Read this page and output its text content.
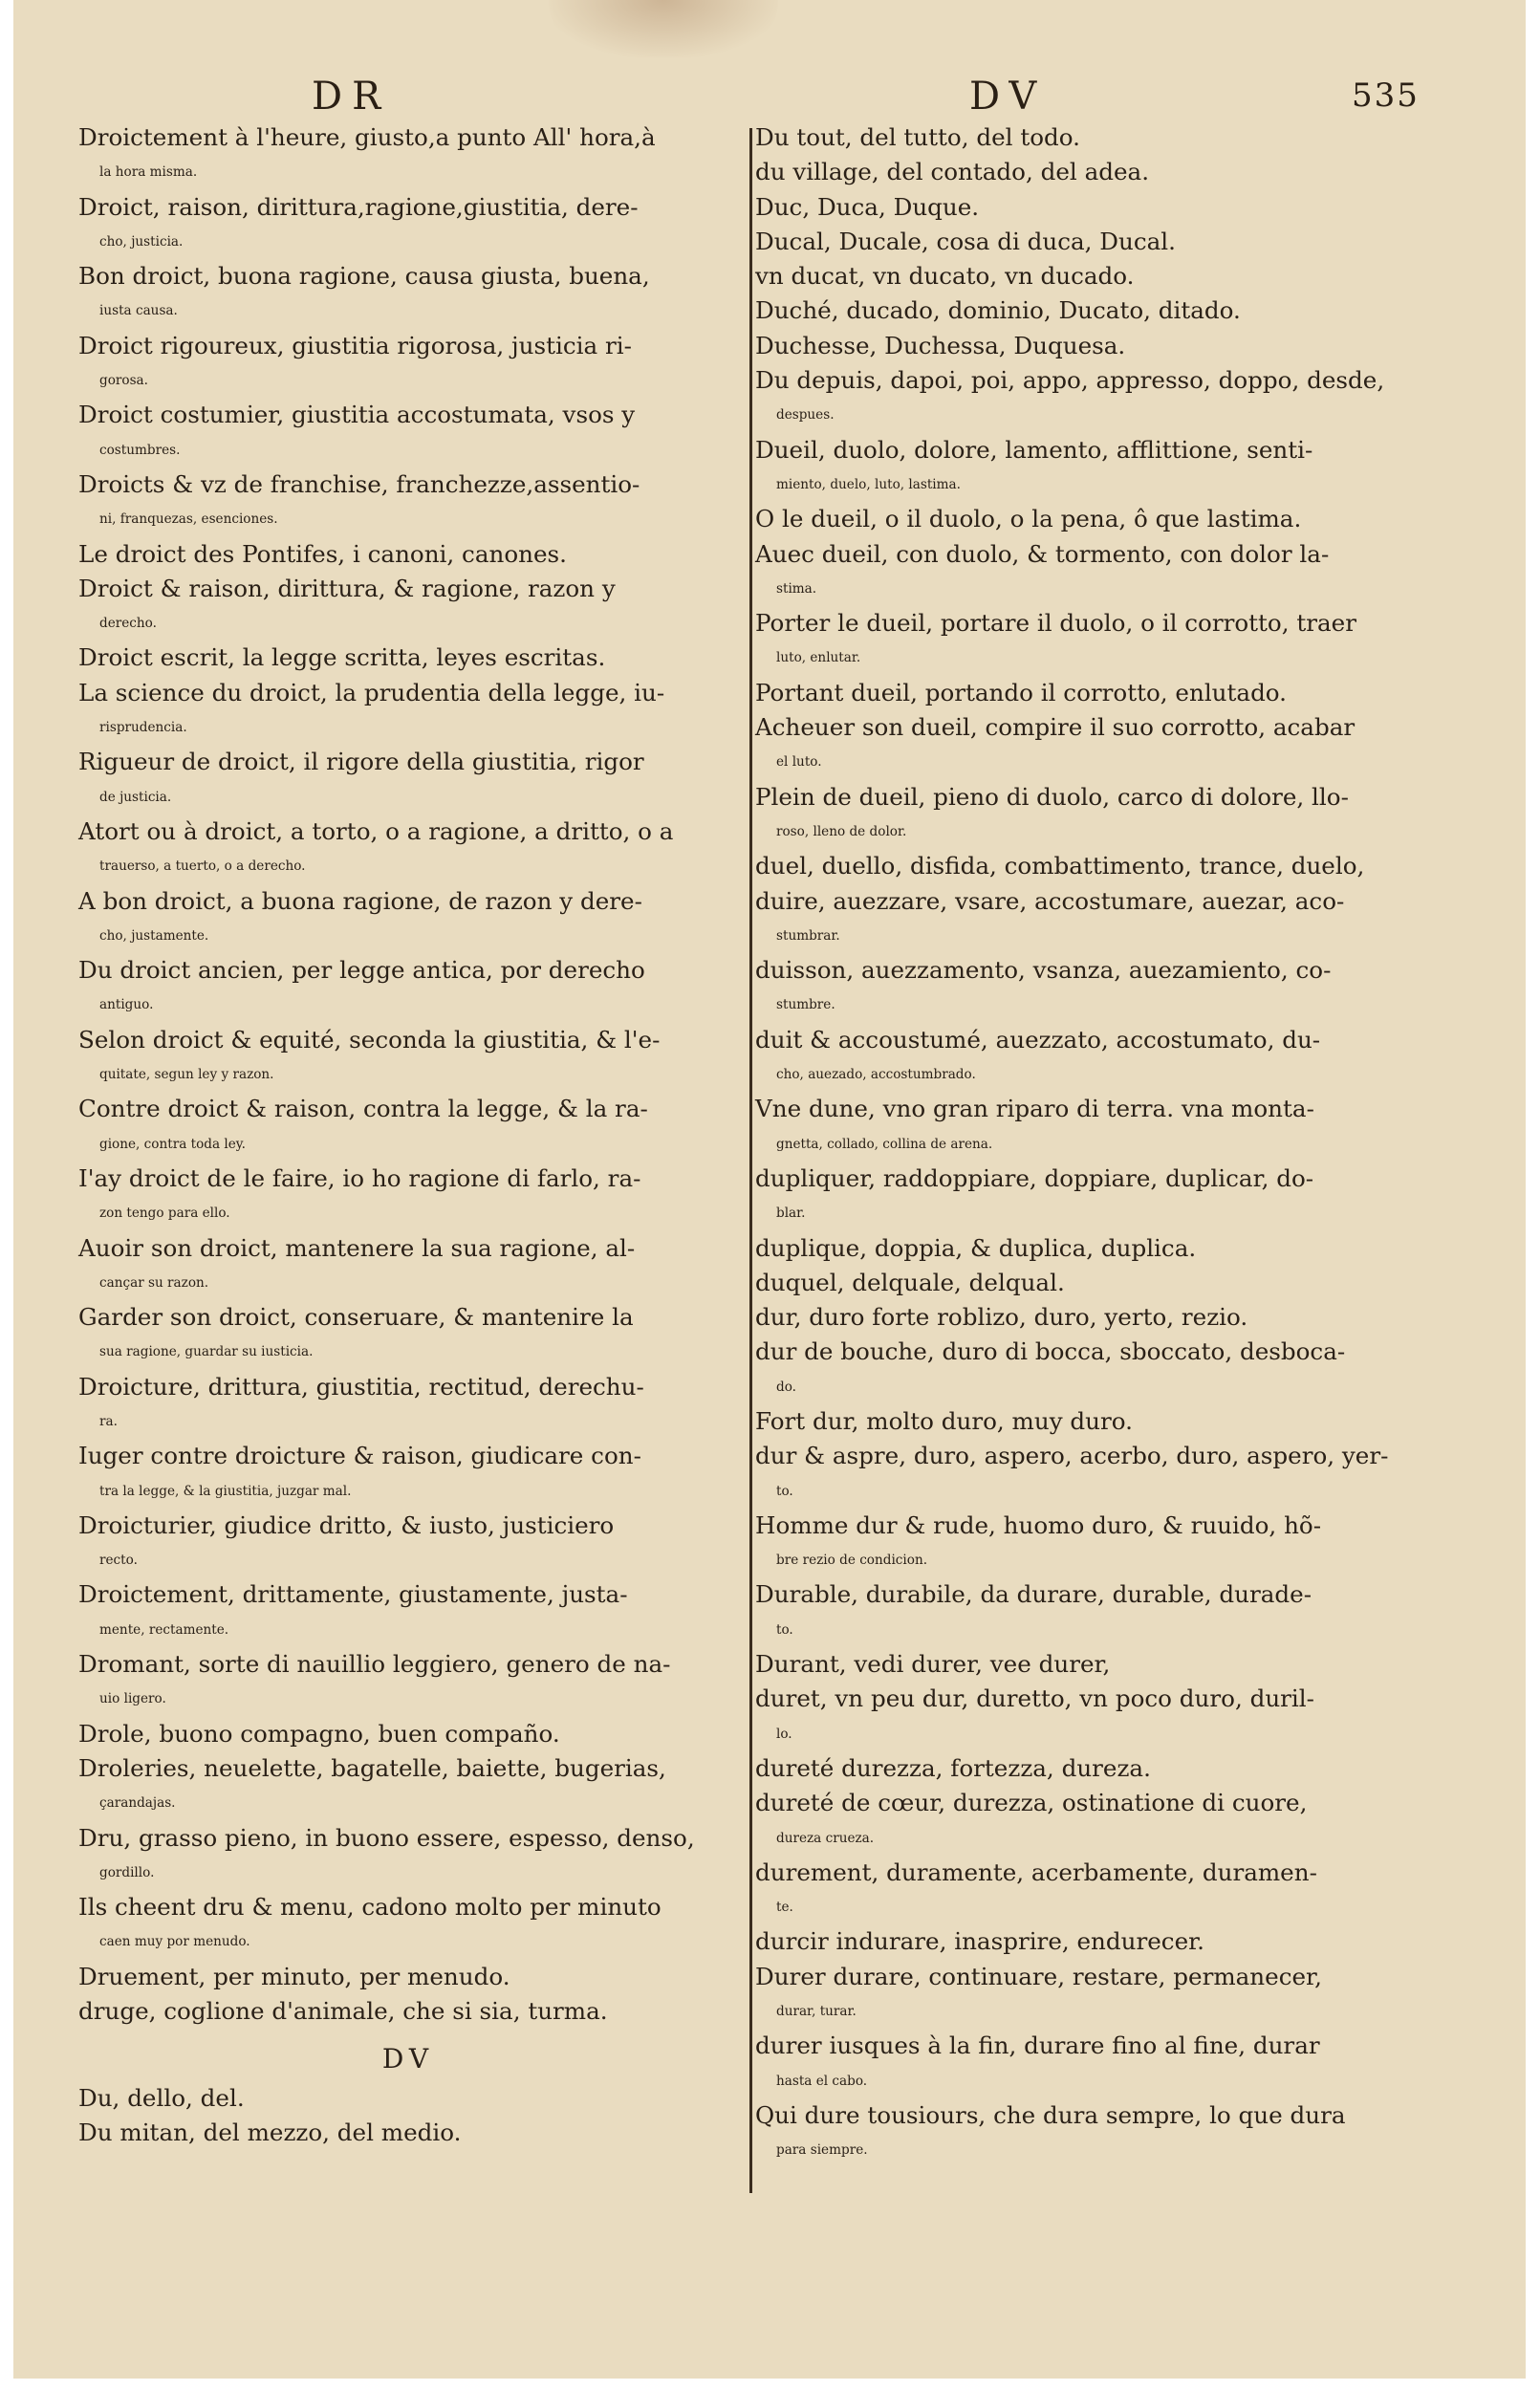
DR	DV	535
Droictement à l'heure, giusto,a punto All' hora,à
la hora misma.
Droict, raison, dirittura,ragione,giustitia, dere-
cho, justicia.
Bon droict, buona ragione, causa giusta, buena,
iusta causa.
Droict rigoureux, giustitia rigorosa, justicia ri-
gorosa.
Droict costumier, giustitia accostumata, vsos y
costumbres.
Droicts & vz de franchise, franchezze,assentio-
ni, franquezas, esenciones.
Le droict des Pontifes, i canoni, canones.
Droict & raison, dirittura, & ragione, razon y
derecho.
Droict escrit, la legge scritta, leyes escritas.
La science du droict, la prudentia della legge, iu-
risprudencia.
Rigueur de droict, il rigore della giustitia, rigor
de justicia.
Atort ou à droict, a torto, o a ragione, a dritto, o a
trauerso, a tuerto, o a derecho.
A bon droict, a buona ragione, de razon y dere-
cho, justamente.
Du droict ancien, per legge antica, por derecho
antiguo.
Selon droict & equité, seconda la giustitia, & l'e-
quitate, segun ley y razon.
Contre droict & raison, contra la legge, & la ra-
gione, contra toda ley.
I'ay droict de le faire, io ho ragione di farlo, ra-
zon tengo para ello.
Auoir son droict, mantenere la sua ragione, al-
cançar su razon.
Garder son droict, conseruare, & mantenire la
sua ragione, guardar su iusticia.
Droicture, drittura, giustitia, rectitud, derechu-
ra.
Iuger contre droicture & raison, giudicare con-
tra la legge, & la giustitia, juzgar mal.
Droicturier, giudice dritto, & iusto, justiciero
recto.
Droictement, drittamente, giustamente, justa-
mente, rectamente.
Dromant, sorte di nauillio leggiero, genero de na-
uio ligero.
Drole, buono compagno, buen compaño.
Droleries, neuelette, bagatelle, baiette, bugerias,
çarandajas.
Dru, grasso pieno, in buono essere, espesso, denso,
gordillo.
Ils cheent dru & menu, cadono molto per minuto
caen muy por menudo.
Druement, per minuto, per menudo.
druge, coglione d'animale, che si sia, turma.
DV
Du, dello, del.
Du mitan, del mezzo, del medio.
Du tout, del tutto, del todo.
du village, del contado, del adea.
Duc, Duca, Duque.
Ducal, Ducale, cosa di duca, Ducal.
vn ducat, vn ducato, vn ducado.
Duché, ducado, dominio, Ducato, ditado.
Duchesse, Duchessa, Duquesa.
Du depuis, dapoi, poi, appo, appresso, doppo, desde,
despues.
Dueil, duolo, dolore, lamento, afflittione, senti-
miento, duelo, luto, lastima.
O le dueil, o il duolo, o la pena, ô que lastima.
Auec dueil, con duolo, & tormento, con dolor la-
stima.
Porter le dueil, portare il duolo, o il corrotto, traer
luto, enlutar.
Portant dueil, portando il corrotto, enlutado.
Acheuer son dueil, compire il suo corrotto, acabar
el luto.
Plein de dueil, pieno di duolo, carco di dolore, llo-
roso, lleno de dolor.
duel, duello, disfida, combattimento, trance, duelo,
duire, auezzare, vsare, accostumare, auezar, aco-
stumbrar.
duisson, auezzamento, vsanza, auezamiento, co-
stumbre.
duit & accoustumé, auezzato, accostumato, du-
cho, auezado, accostumbrado.
Vne dune, vno gran riparo di terra. vna monta-
gnetta, collado, collina de arena.
dupliquer, raddoppiare, doppiare, duplicar, do-
blar.
duplique, doppia, & duplica, duplica.
duquel, delquale, delqual.
dur, duro forte roblizo, duro, yerto, rezio.
dur de bouche, duro di bocca, sboccato, desboca-
do.
Fort dur, molto duro, muy duro.
dur & aspre, duro, aspero, acerbo, duro, aspero, yer-
to.
Homme dur & rude, huomo duro, & ruuido, hõ-
bre rezio de condicion.
Durable, durabile, da durare, durable, durade-
to.
Durant, vedi durer, vee durer,
duret, vn peu dur, duretto, vn poco duro, duril-
lo.
dureté durezza, fortezza, dureza.
dureté de cœur, durezza, ostinatione di cuore,
dureza crueza.
durement, duramente, acerbamente, duramen-
te.
durcir indurare, inasprire, endurecer.
Durer durare, continuare, restare, permanecer,
durar, turar.
durer iusques à la fin, durare fino al fine, durar
hasta el cabo.
Qui dure tousiours, che dura sempre, lo que dura
para siempre.
